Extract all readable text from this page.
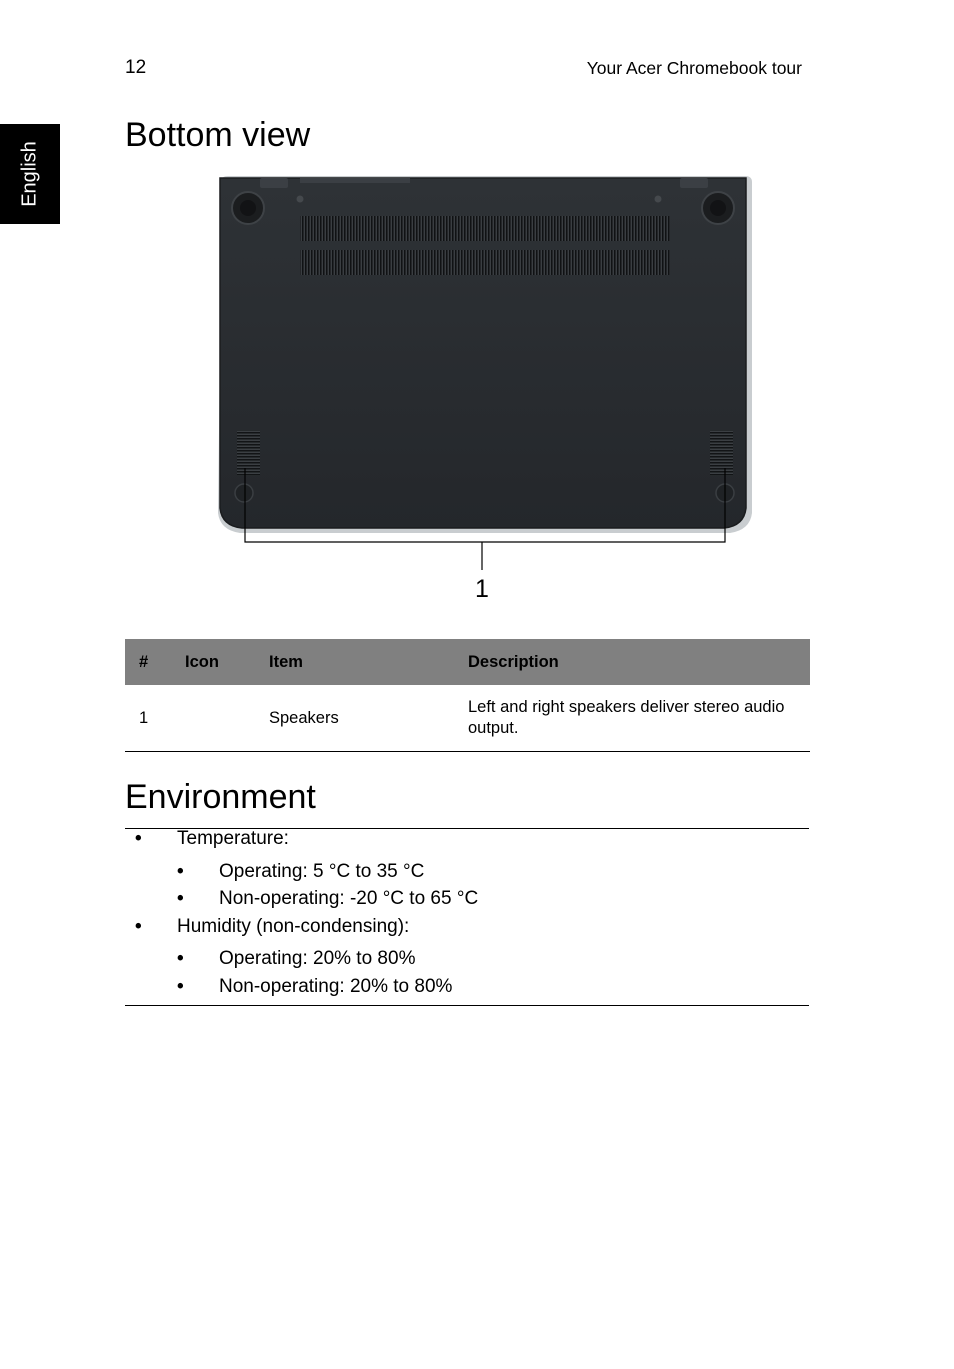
12	Your Acer Chromebook tour
English
Bottom view
1
#	Icon	Item	Description
1		Speakers	Left and right speakers deliver stereo audio output.
Environment
• Temperature:
• Operating: 5 °C to 35 °C
• Non-operating: -20 °C to 65 °C
• Humidity (non-condensing):
• Operating: 20% to 80%
• Non-operating: 20% to 80%
